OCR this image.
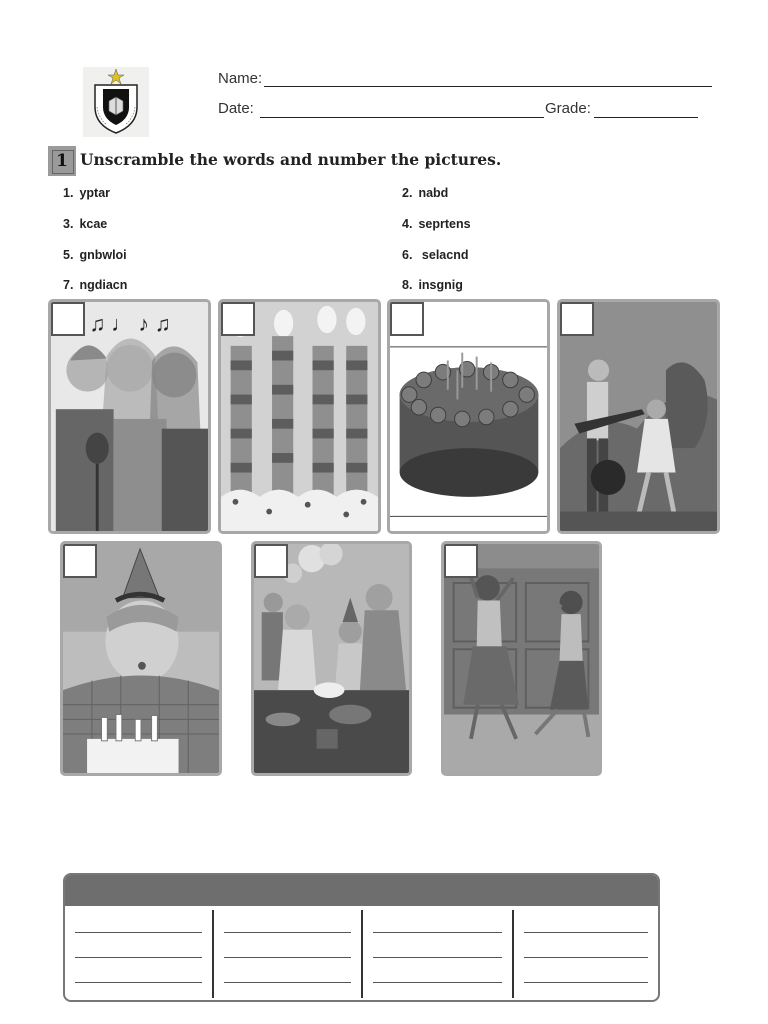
Name:
Date:	Grade:
1 Unscramble the words and number the pictures.
1. yptar	2. nabd
3. kcae	4. seprtens
5. gnbwloi	6. selacnd
7. ngdiacn	8. insgnig
♫ ♩ ♪ ♫
